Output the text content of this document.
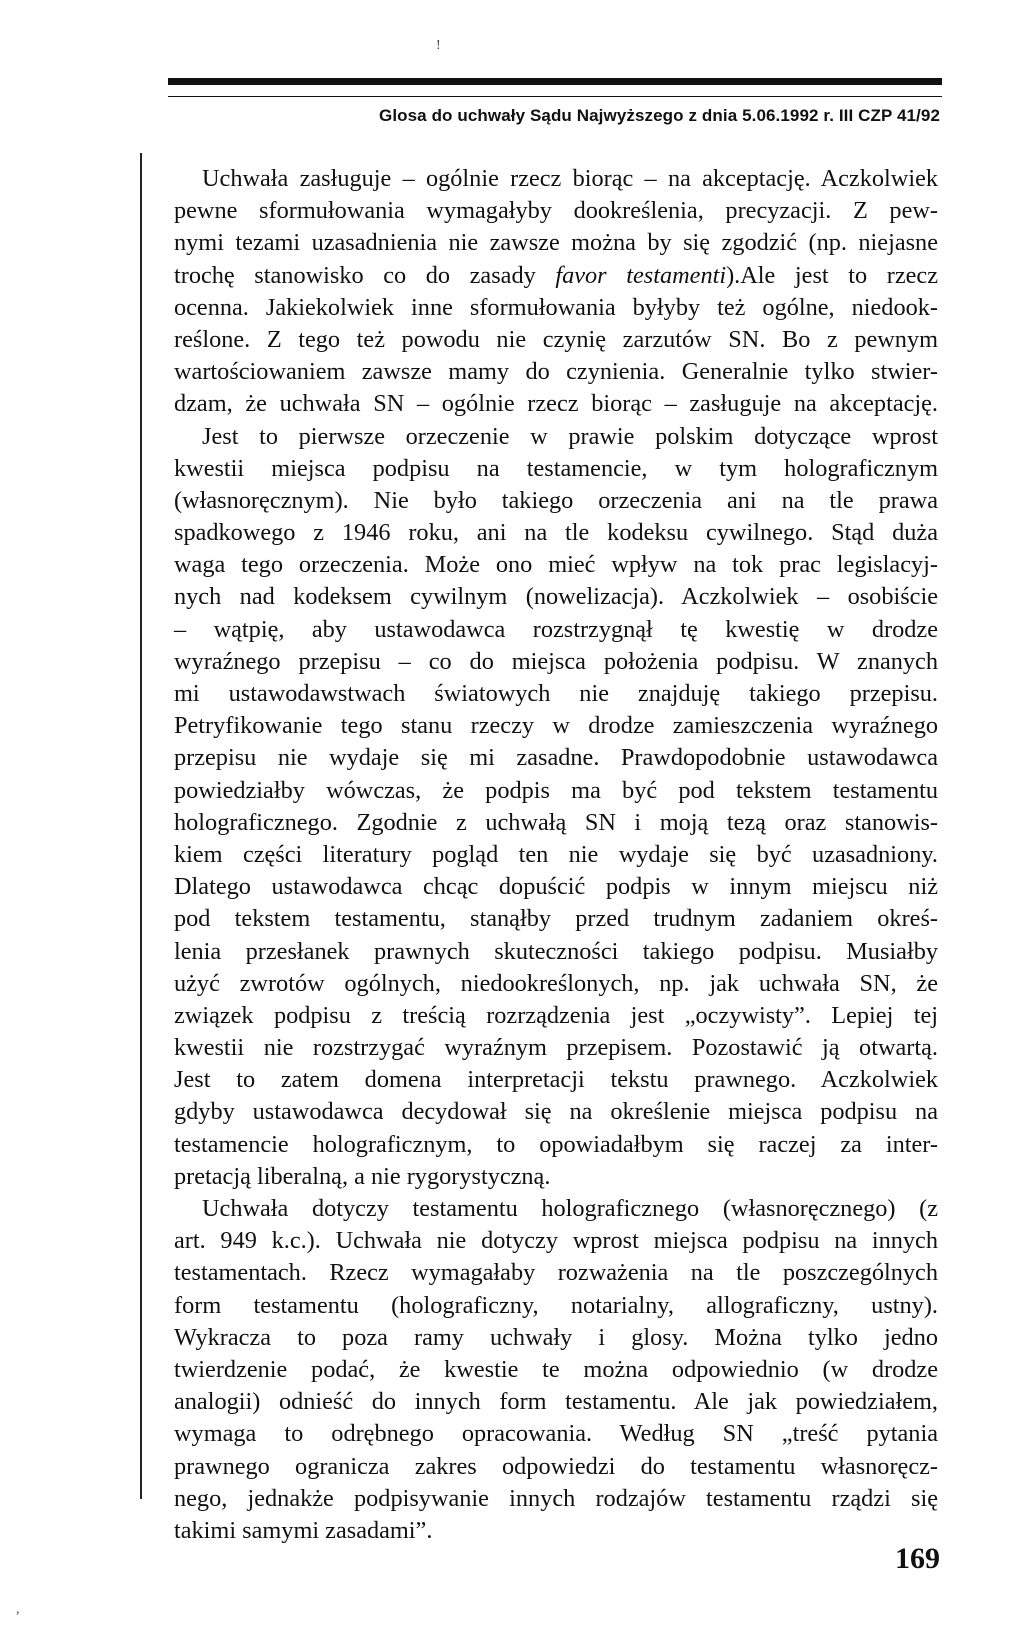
!
,
Glosa do uchwały Sądu Najwyższego z dnia 5.06.1992 r. III CZP 41/92
Uchwała zasługuje – ogólnie rzecz biorąc – na akceptację. Aczkolwiek
pewne sformułowania wymagałyby dookreślenia, precyzacji. Z pew-
nymi tezami uzasadnienia nie zawsze można by się zgodzić (np. niejasne
trochę stanowisko co do zasady favor testamenti).Ale jest to rzecz
ocenna. Jakiekolwiek inne sformułowania byłyby też ogólne, niedook-
reślone. Z tego też powodu nie czynię zarzutów SN. Bo z pewnym
wartościowaniem zawsze mamy do czynienia. Generalnie tylko stwier-
dzam, że uchwała SN – ogólnie rzecz biorąc – zasługuje na akceptację.
Jest to pierwsze orzeczenie w prawie polskim dotyczące wprost
kwestii miejsca podpisu na testamencie, w tym holograficznym
(własnoręcznym). Nie było takiego orzeczenia ani na tle prawa
spadkowego z 1946 roku, ani na tle kodeksu cywilnego. Stąd duża
waga tego orzeczenia. Może ono mieć wpływ na tok prac legislacyj-
nych nad kodeksem cywilnym (nowelizacja). Aczkolwiek – osobiście
– wątpię, aby ustawodawca rozstrzygnął tę kwestię w drodze
wyraźnego przepisu – co do miejsca położenia podpisu. W znanych
mi ustawodawstwach światowych nie znajduję takiego przepisu.
Petryfikowanie tego stanu rzeczy w drodze zamieszczenia wyraźnego
przepisu nie wydaje się mi zasadne. Prawdopodobnie ustawodawca
powiedziałby wówczas, że podpis ma być pod tekstem testamentu
holograficznego. Zgodnie z uchwałą SN i moją tezą oraz stanowis-
kiem części literatury pogląd ten nie wydaje się być uzasadniony.
Dlatego ustawodawca chcąc dopuścić podpis w innym miejscu niż
pod tekstem testamentu, stanąłby przed trudnym zadaniem okreś-
lenia przesłanek prawnych skuteczności takiego podpisu. Musiałby
użyć zwrotów ogólnych, niedookreślonych, np. jak uchwała SN, że
związek podpisu z treścią rozrządzenia jest „oczywisty”. Lepiej tej
kwestii nie rozstrzygać wyraźnym przepisem. Pozostawić ją otwartą.
Jest to zatem domena interpretacji tekstu prawnego. Aczkolwiek
gdyby ustawodawca decydował się na określenie miejsca podpisu na
testamencie holograficznym, to opowiadałbym się raczej za inter-
pretacją liberalną, a nie rygorystyczną.
Uchwała dotyczy testamentu holograficznego (własnoręcznego) (z
art. 949 k.c.). Uchwała nie dotyczy wprost miejsca podpisu na innych
testamentach. Rzecz wymagałaby rozważenia na tle poszczególnych
form testamentu (holograficzny, notarialny, allograficzny, ustny).
Wykracza to poza ramy uchwały i glosy. Można tylko jedno
twierdzenie podać, że kwestie te można odpowiednio (w drodze
analogii) odnieść do innych form testamentu. Ale jak powiedziałem,
wymaga to odrębnego opracowania. Według SN „treść pytania
prawnego ogranicza zakres odpowiedzi do testamentu własnoręcz-
nego, jednakże podpisywanie innych rodzajów testamentu rządzi się
takimi samymi zasadami”.
169
